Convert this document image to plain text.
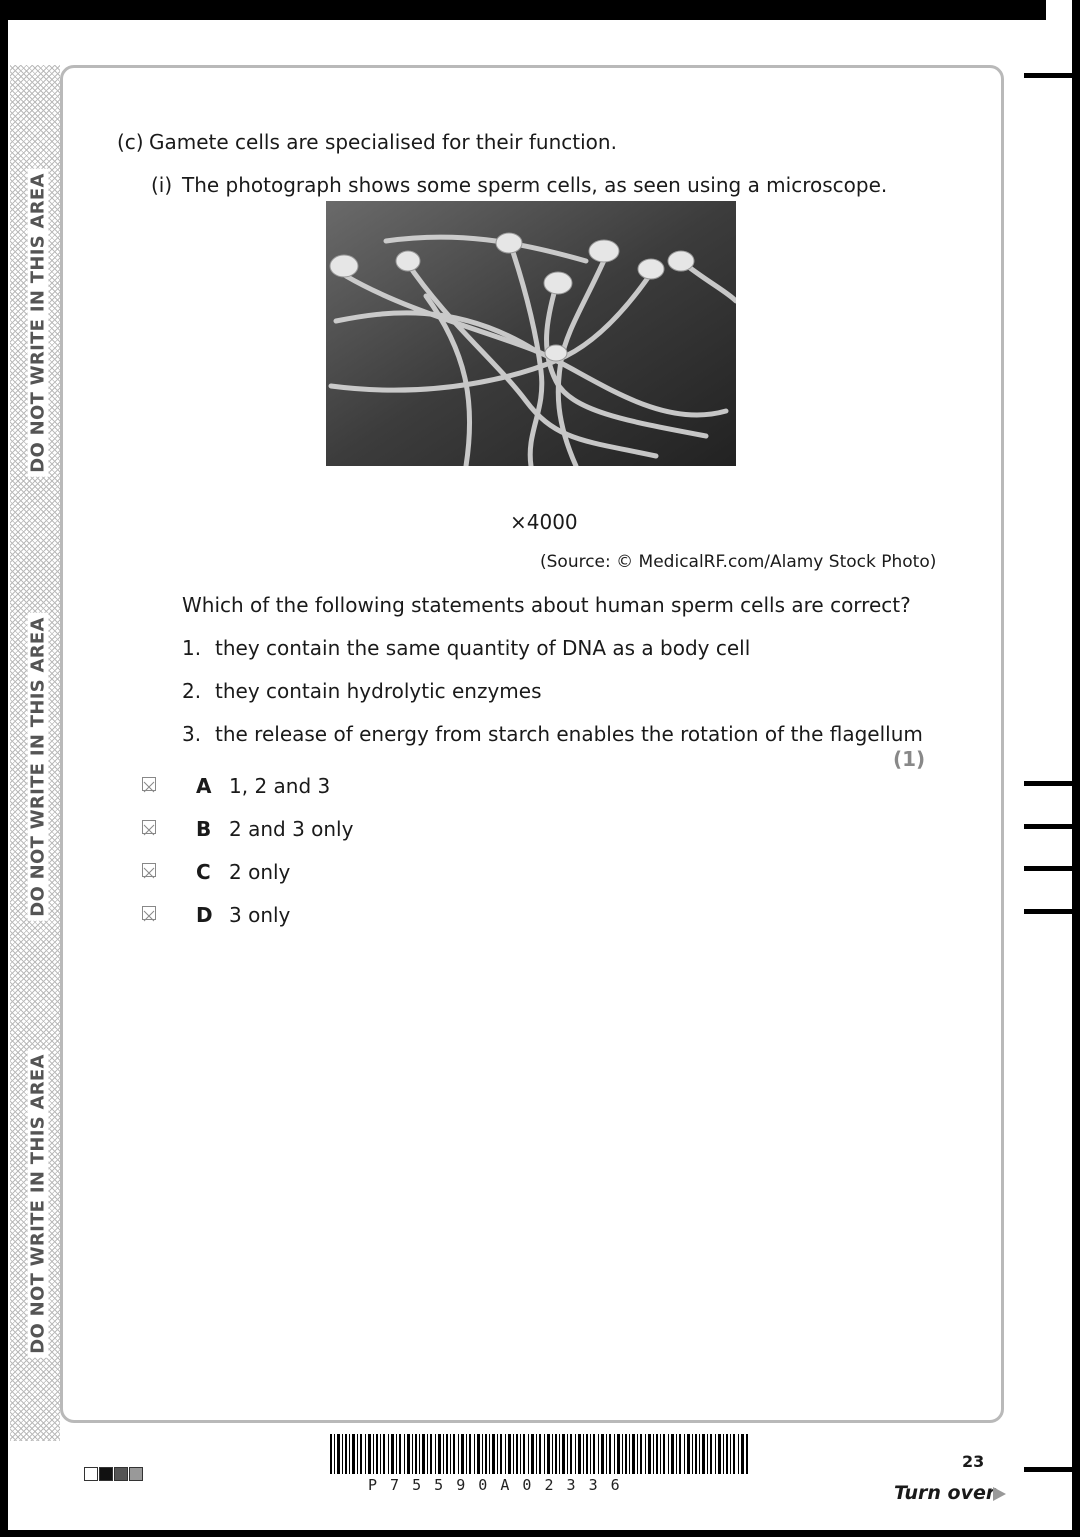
DO NOT WRITE IN THIS AREA
DO NOT WRITE IN THIS AREA
DO NOT WRITE IN THIS AREA
(c) Gamete cells are specialised for their function.
(i) The photograph shows some sperm cells, as seen using a microscope.
×4000
(Source: © MedicalRF.com/Alamy Stock Photo)
Which of the following statements about human sperm cells are correct?
1. they contain the same quantity of DNA as a body cell
2. they contain hydrolytic enzymes
3. the release of energy from starch enables the rotation of the flagellum
(1)
A 1, 2 and 3
B 2 and 3 only
C 2 only
D 3 only
P 7 5 5 9 0 A 0 2 3 3 6
23
Turn over
